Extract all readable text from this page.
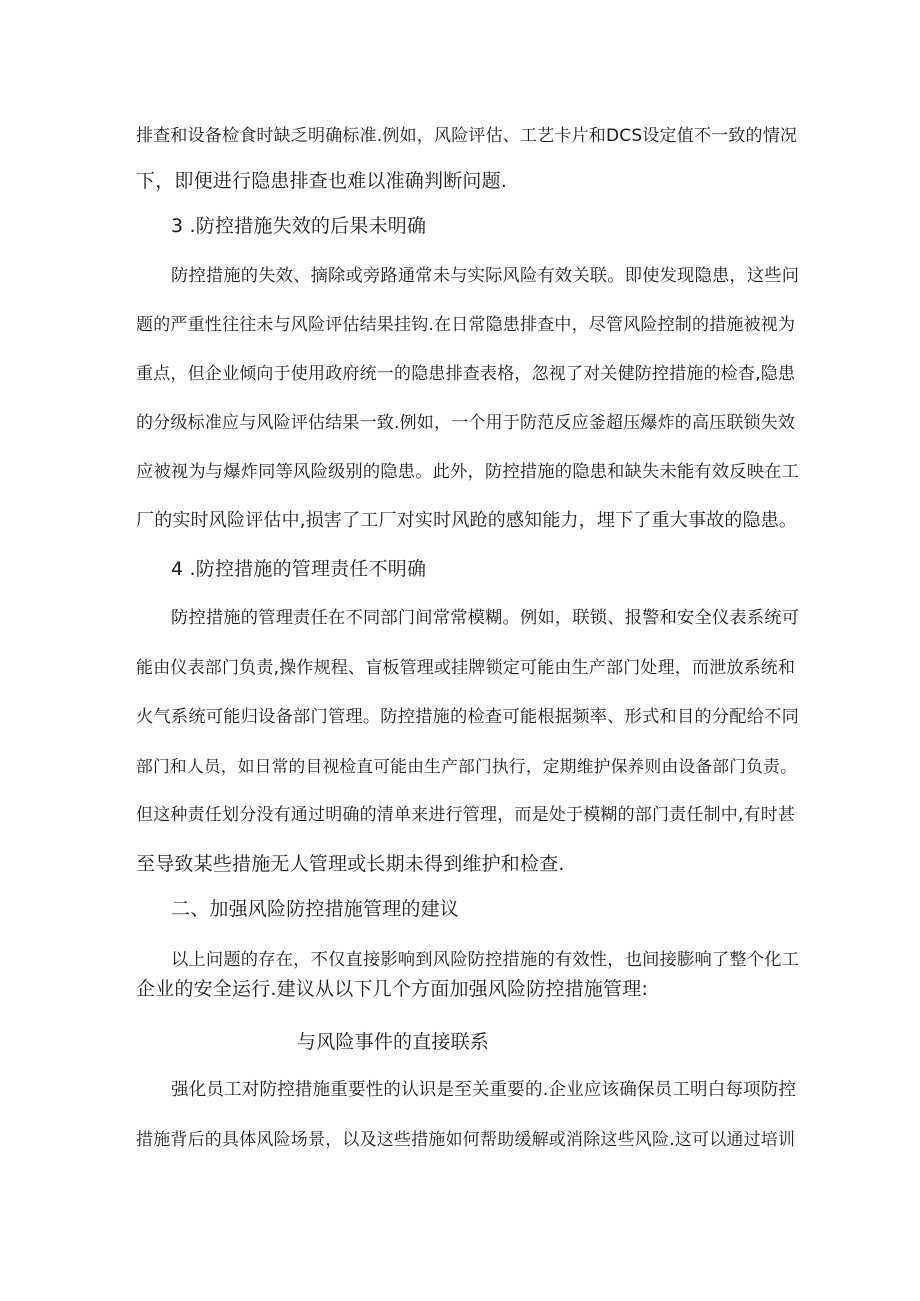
排查和设备检食时缺乏明确标准.例如，风险评估、工艺卡片和DCS设定值不一致的情况
下，即便进行隐患排查也难以准确判断问题.
3 .防控措施失效的后果未明确
防控措施的失效、摘除或旁路通常未与实际风险有效关联。即使发现隐患，这些问
题的严重性往往未与风险评估结果挂钩.在日常隐患排查中，尽管风险控制的措施被视为
重点，但企业倾向于使用政府统一的隐患排查表格，忽视了对关健防控措施的检杳,隐患
的分级标准应与风险评估结果一致.例如，一个用于防范反应釜超压爆炸的高压联锁失效
应被视为与爆炸同等风险级别的隐患。此外，防控措施的隐患和缺失未能有效反映在工
厂的实时风险评估中,损害了工厂对实时风跄的感知能力，埋下了重大事故的隐患。
4 .防控措施的管理责任不明确
防控措施的管理责任在不同部门间常常模糊。例如，联锁、报警和安全仪表系统可
能由仪表部门负责,操作规程、盲板管理或挂牌锁定可能由生产部门处理，而泄放系统和
火气系统可能归设备部门管理。防控措施的检查可能根据频率、形式和目的分配给不同
部门和人员，如日常的目视检直可能由生产部门执行，定期维护保养则由设备部门负责。
但这种责任划分没有通过明确的清单来进行管理，而是处于模糊的部门责任制中,有时甚
至导致某些措施无人管理或长期未得到维护和检查.
二、加强风险防控措施管理的建议
以上问题的存在，不仅直接影响到风险防控措施的有效性，也间接膨响了整个化工
企业的安全运行.建议从以下几个方面加强风险防控措施管理:
与风险事件的直接联系
强化员工对防控措施重要性的认识是至关重要的.企业应该确保员工明白每项防控
措施背后的具体风险场景，以及这些措施如何帮助缓解或消除这些风险.这可以通过培训
